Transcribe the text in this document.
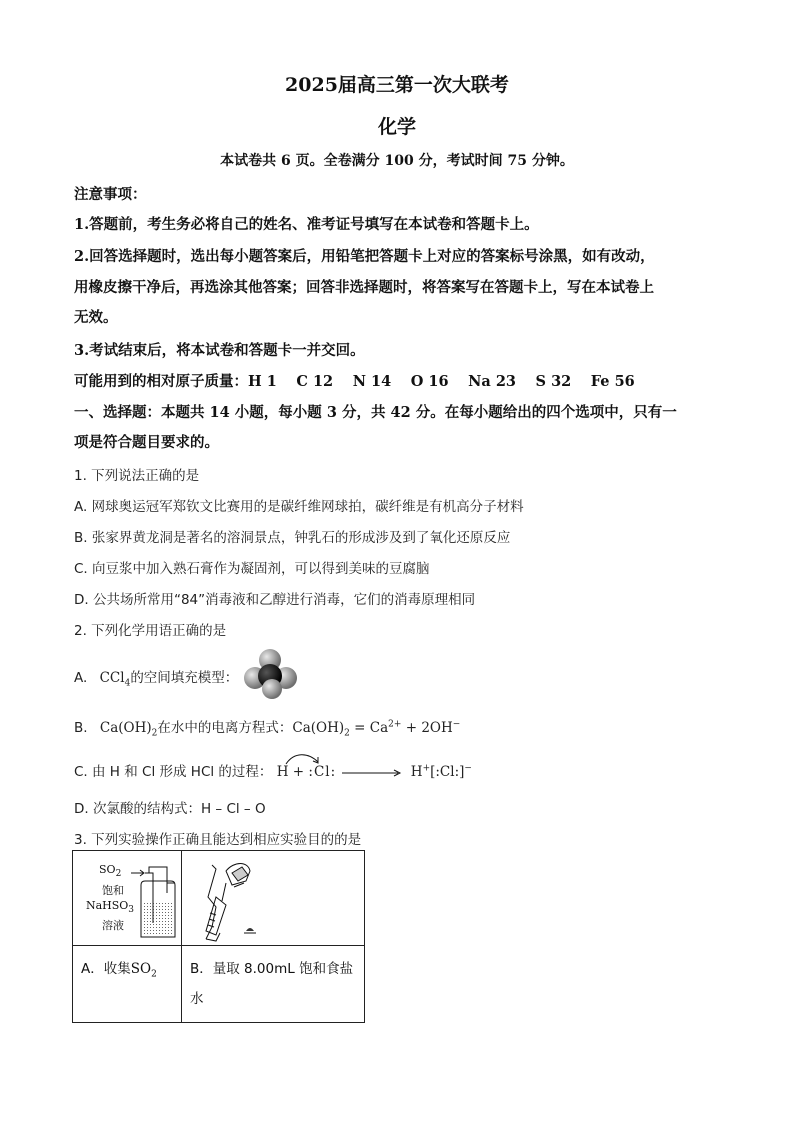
2025届高三第一次大联考
化学
本试卷共 6 页。全卷满分 100 分，考试时间 75 分钟。
注意事项：
1.答题前，考生务必将自己的姓名、准考证号填写在本试卷和答题卡上。
2.回答选择题时，选出每小题答案后，用铅笔把答题卡上对应的答案标号涂黑，如有改动，
用橡皮擦干净后，再选涂其他答案；回答非选择题时，将答案写在答题卡上，写在本试卷上
无效。
3.考试结束后，将本试卷和答题卡一并交回。
可能用到的相对原子质量：H 1　 C 12　 N 14　 O 16　 Na 23　 S 32　 Fe 56
一、选择题：本题共 14 小题，每小题 3 分，共 42 分。在每小题给出的四个选项中，只有一
项是符合题目要求的。
1. 下列说法正确的是
A. 网球奥运冠军郑钦文比赛用的是碳纤维网球拍，碳纤维是有机高分子材料
B. 张家界黄龙洞是著名的溶洞景点，钟乳石的形成涉及到了氧化还原反应
C. 向豆浆中加入熟石膏作为凝固剂，可以得到美味的豆腐脑
D. 公共场所常用“84”消毒液和乙醇进行消毒，它们的消毒原理相同
2. 下列化学用语正确的是
A. CCl$_4$的空间填充模型：
B. $Ca(OH)_2$在水中的电离方程式：$Ca(OH)_2 = Ca^{2+} + 2OH^-$
C. 由 H 和 Cl 形成 HCl 的过程： H + :Cl:	H+[:Cl:]−
D. 次氯酸的结构式：H – Cl – O
3. 下列实验操作正确且能达到相应实验目的的是
$SO_2$
饱和
NaHSO$_3$
溶液

A．收集$SO_2$	B．量取 8.00mL 饱和食盐
水
